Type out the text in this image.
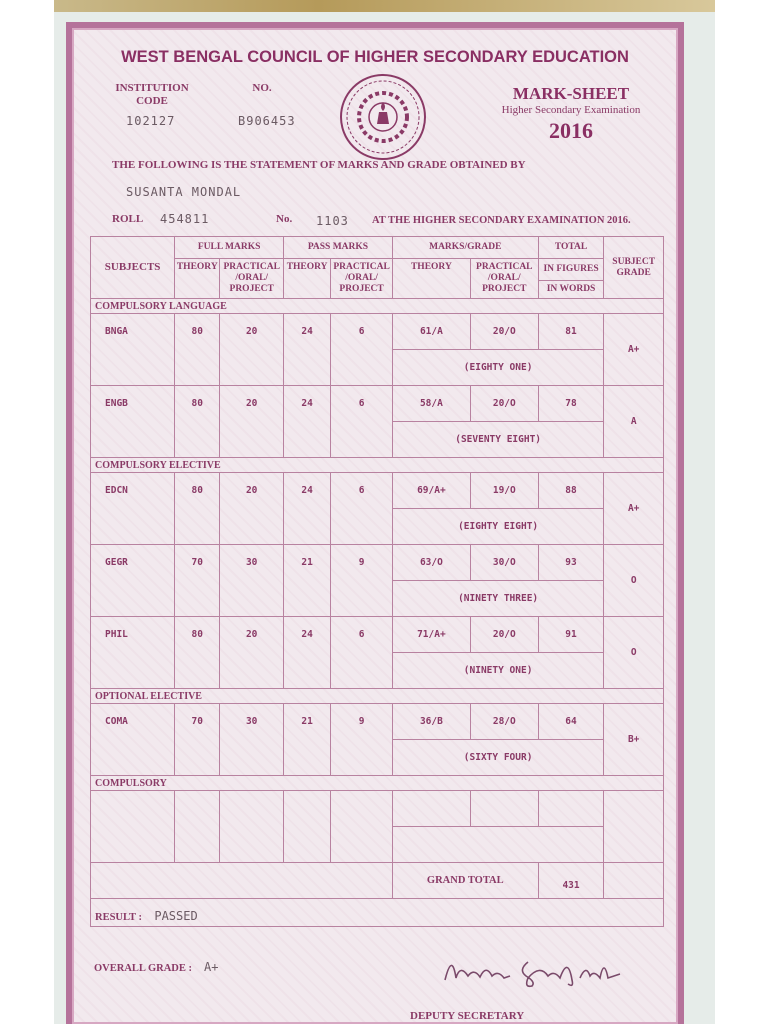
WEST BENGAL COUNCIL OF HIGHER SECONDARY EDUCATION
INSTITUTION CODE
102127
NO.
B906453
MARK-SHEET
Higher Secondary Examination
2016
THE FOLLOWING IS THE STATEMENT OF MARKS AND GRADE OBTAINED BY
SUSANTA MONDAL
ROLL 454811	No. 1103 AT THE HIGHER SECONDARY EXAMINATION 2016.
SUBJECTS	FULL MARKS		PASS MARKS		MARKS/GRADE		TOTAL	SUBJECT GRADE
	THEORY	PRACTICAL /ORAL/ PROJECT	THEORY	PRACTICAL /ORAL/ PROJECT	THEORY	PRACTICAL /ORAL/ PROJECT	IN FIGURES	
							IN WORDS	
COMPULSORY LANGUAGE								
BNGA	80	20	24	6	61/A	20/O	81	A+
					(EIGHTY ONE)			
ENGB	80	20	24	6	58/A	20/O	78	A
					(SEVENTY EIGHT)			
COMPULSORY ELECTIVE								
EDCN	80	20	24	6	69/A+	19/O	88	A+
					(EIGHTY EIGHT)			
GEGR	70	30	21	9	63/O	30/O	93	O
					(NINETY THREE)			
PHIL	80	20	24	6	71/A+	20/O	91	O
					(NINETY ONE)			
OPTIONAL ELECTIVE								
COMA	70	30	21	9	36/B	28/O	64	B+
					(SIXTY FOUR)			
COMPULSORY								

					GRAND TOTAL		431	
RESULT : PASSED								
OVERALL GRADE : A+
DEPUTY SECRETARY
